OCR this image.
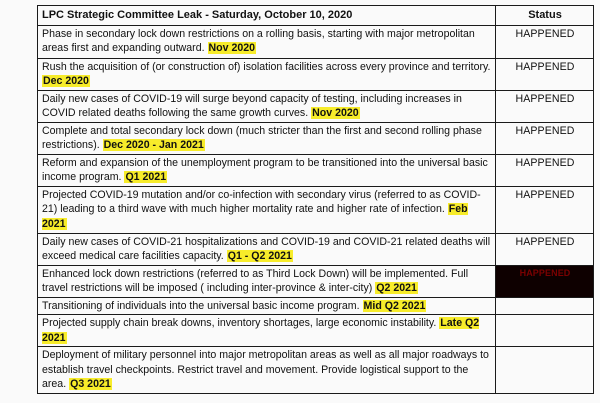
LPC Strategic Committee Leak - Saturday, October 10, 2020	Status
Phase in secondary lock down restrictions on a rolling basis, starting with major metropolitan areas first and expanding outward. Nov 2020	HAPPENED
Rush the acquisition of (or construction of) isolation facilities across every province and territory. Dec 2020	HAPPENED
Daily new cases of COVID-19 will surge beyond capacity of testing, including increases in COVID related deaths following the same growth curves. Nov 2020	HAPPENED
Complete and total secondary lock down (much stricter than the first and second rolling phase restrictions). Dec 2020 - Jan 2021	HAPPENED
Reform and expansion of the unemployment program to be transitioned into the universal basic income program. Q1 2021	HAPPENED
Projected COVID-19 mutation and/or co-infection with secondary virus (referred to as COVID-21) leading to a third wave with much higher mortality rate and higher rate of infection. Feb 2021	HAPPENED
Daily new cases of COVID-21 hospitalizations and COVID-19 and COVID-21 related deaths will exceed medical care facilities capacity. Q1 - Q2 2021	HAPPENED
Enhanced lock down restrictions (referred to as Third Lock Down) will be implemented. Full travel restrictions will be imposed ( including inter-province & inter-city) Q2 2021	HAPPENED
Transitioning of individuals into the universal basic income program. Mid Q2 2021	
Projected supply chain break downs, inventory shortages, large economic instability. Late Q2 2021	
Deployment of military personnel into major metropolitan areas as well as all major roadways to establish travel checkpoints. Restrict travel and movement. Provide logistical support to the area. Q3 2021	
